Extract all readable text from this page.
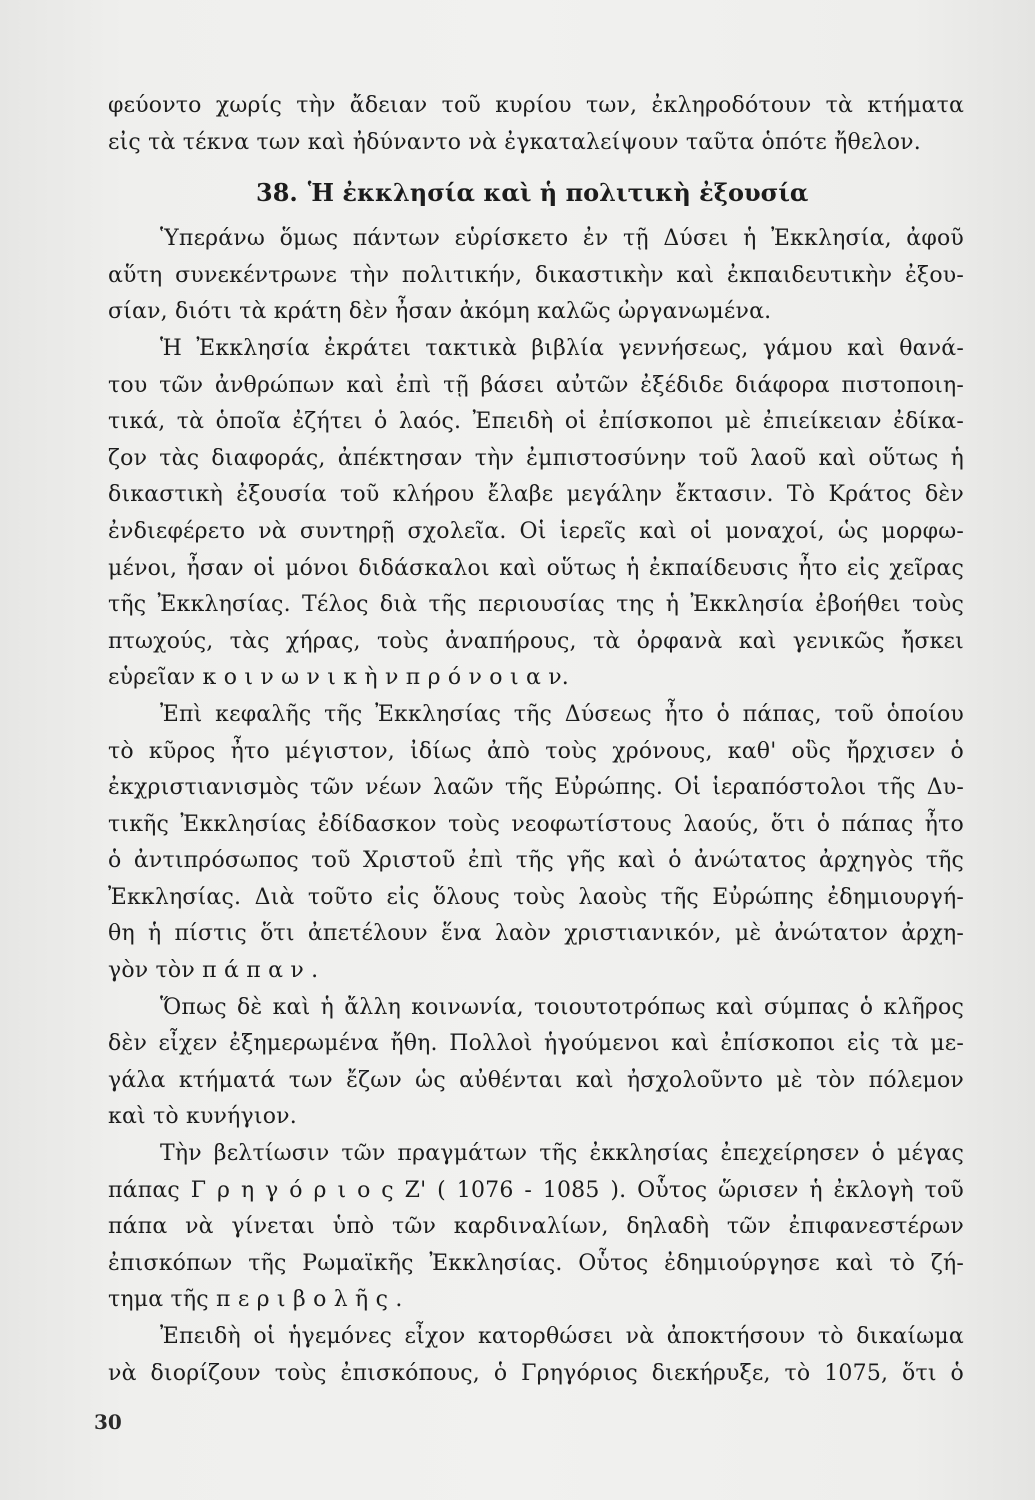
φεύοντο χωρίς τὴν ἄδειαν τοῦ κυρίου των, ἐκληροδότουν τὰ κτήματα
εἰς τὰ τέκνα των καὶ ἠδύναντο νὰ ἐγκαταλείψουν ταῦτα ὁπότε ἤθελον.
38. Ἡ ἐκκλησία καὶ ἡ πολιτικὴ ἐξουσία
Ὑπεράνω ὅμως πάντων εὑρίσκετο ἐν τῇ Δύσει ἡ Ἐκκλησία, ἀφοῦ
αὕτη συνεκέντρωνε τὴν πολιτικήν, δικαστικὴν καὶ ἐκπαιδευτικὴν ἐξου-
σίαν, διότι τὰ κράτη δὲν ἦσαν ἀκόμη καλῶς ὠργανωμένα.
Ἡ Ἐκκλησία ἐκράτει τακτικὰ βιβλία γεννήσεως, γάμου καὶ θανά-
του τῶν ἀνθρώπων καὶ ἐπὶ τῇ βάσει αὐτῶν ἐξέδιδε διάφορα πιστοποιη-
τικά, τὰ ὁποῖα ἐζήτει ὁ λαός. Ἐπειδὴ οἱ ἐπίσκοποι μὲ ἐπιείκειαν ἐδίκα-
ζον τὰς διαφοράς, ἀπέκτησαν τὴν ἐμπιστοσύνην τοῦ λαοῦ καὶ οὕτως ἡ
δικαστικὴ ἐξουσία τοῦ κλήρου ἔλαβε μεγάλην ἔκτασιν. Τὸ Κράτος δὲν
ἐνδιεφέρετο νὰ συντηρῇ σχολεῖα. Οἱ ἱερεῖς καὶ οἱ μοναχοί, ὡς μορφω-
μένοι, ἦσαν οἱ μόνοι διδάσκαλοι καὶ οὕτως ἡ ἐκπαίδευσις ἦτο εἰς χεῖρας
τῆς Ἐκκλησίας. Τέλος διὰ τῆς περιουσίας της ἡ Ἐκκλησία ἐβοήθει τοὺς
πτωχούς, τὰς χήρας, τοὺς ἀναπήρους, τὰ ὀρφανὰ καὶ γενικῶς ἤσκει
εὑρεῖαν κ ο ι ν ω ν ι κ ὴ ν π ρ ό ν ο ι α ν.
Ἐπὶ κεφαλῆς τῆς Ἐκκλησίας τῆς Δύσεως ἦτο ὁ πάπας, τοῦ ὁποίου
τὸ κῦρος ἦτο μέγιστον, ἰδίως ἀπὸ τοὺς χρόνους, καθ' οὓς ἤρχισεν ὁ
ἐκχριστιανισμὸς τῶν νέων λαῶν τῆς Εὐρώπης. Οἱ ἱεραπόστολοι τῆς Δυ-
τικῆς Ἐκκλησίας ἐδίδασκον τοὺς νεοφωτίστους λαούς, ὅτι ὁ πάπας ἦτο
ὁ ἀντιπρόσωπος τοῦ Χριστοῦ ἐπὶ τῆς γῆς καὶ ὁ ἀνώτατος ἀρχηγὸς τῆς
Ἐκκλησίας. Διὰ τοῦτο εἰς ὅλους τοὺς λαοὺς τῆς Εὐρώπης ἐδημιουργή-
θη ἡ πίστις ὅτι ἀπετέλουν ἕνα λαὸν χριστιανικόν, μὲ ἀνώτατον ἀρχη-
γὸν τὸν π ά π α ν .
Ὅπως δὲ καὶ ἡ ἄλλη κοινωνία, τοιουτοτρόπως καὶ σύμπας ὁ κλῆρος
δὲν εἶχεν ἐξημερωμένα ἤθη. Πολλοὶ ἡγούμενοι καὶ ἐπίσκοποι εἰς τὰ με-
γάλα κτήματά των ἔζων ὡς αὐθένται καὶ ἠσχολοῦντο μὲ τὸν πόλεμον
καὶ τὸ κυνήγιον.
Τὴν βελτίωσιν τῶν πραγμάτων τῆς ἐκκλησίας ἐπεχείρησεν ὁ μέγας
πάπας Γ ρ η γ ό ρ ι ο ς Ζ' ( 1076 - 1085 ). Οὗτος ὥρισεν ἡ ἐκλογὴ τοῦ
πάπα νὰ γίνεται ὑπὸ τῶν καρδιναλίων, δηλαδὴ τῶν ἐπιφανεστέρων
ἐπισκόπων τῆς Ρωμαϊκῆς Ἐκκλησίας. Οὗτος ἐδημιούργησε καὶ τὸ ζή-
τημα τῆς π ε ρ ι β ο λ ῆ ς .
Ἐπειδὴ οἱ ἡγεμόνες εἶχον κατορθώσει νὰ ἀποκτήσουν τὸ δικαίωμα
νὰ διορίζουν τοὺς ἐπισκόπους, ὁ Γρηγόριος διεκήρυξε, τὸ 1075, ὅτι ὁ
30
